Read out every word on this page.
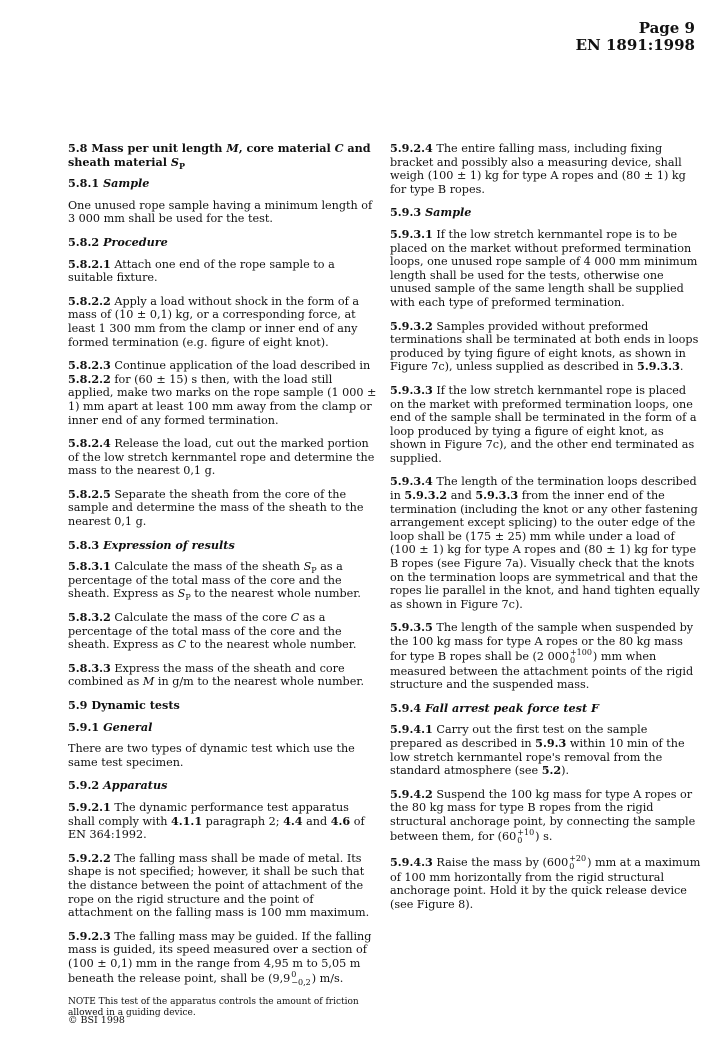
Page 9
EN 1891:1998
5.8 Mass per unit length M, core material C and sheath material $S_P$
5.8.1 Sample
One unused rope sample having a minimum length of 3 000 mm shall be used for the test.
5.8.2 Procedure
5.8.2.1 Attach one end of the rope sample to a suitable fixture.
5.8.2.2 Apply a load without shock in the form of a mass of (10 ± 0,1) kg, or a corresponding force, at least 1 300 mm from the clamp or inner end of any formed termination (e.g. figure of eight knot).
5.8.2.3 Continue application of the load described in 5.8.2.2 for (60 ± 15) s then, with the load still applied, make two marks on the rope sample (1 000 ± 1) mm apart at least 100 mm away from the clamp or inner end of any formed termination.
5.8.2.4 Release the load, cut out the marked portion of the low stretch kernmantel rope and determine the mass to the nearest 0,1 g.
5.8.2.5 Separate the sheath from the core of the sample and determine the mass of the sheath to the nearest 0,1 g.
5.8.3 Expression of results
5.8.3.1 Calculate the mass of the sheath $S_P$ as a percentage of the total mass of the core and the sheath. Express as $S_P$ to the nearest whole number.
5.8.3.2 Calculate the mass of the core C as a percentage of the total mass of the core and the sheath. Express as C to the nearest whole number.
5.8.3.3 Express the mass of the sheath and core combined as M in g/m to the nearest whole number.
5.9 Dynamic tests
5.9.1 General
There are two types of dynamic test which use the same test specimen.
5.9.2 Apparatus
5.9.2.1 The dynamic performance test apparatus shall comply with 4.1.1 paragraph 2; 4.4 and 4.6 of EN 364:1992.
5.9.2.2 The falling mass shall be made of metal. Its shape is not specified; however, it shall be such that the distance between the point of attachment of the rope on the rigid structure and the point of attachment on the falling mass is 100 mm maximum.
5.9.2.3 The falling mass may be guided. If the falling mass is guided, its speed measured over a section of (100 ± 0,1) mm in the range from 4,95 m to 5,05 m beneath the release point, shall be (9,9 0
−0,2 ) m/s.
NOTE This test of the apparatus controls the amount of friction allowed in a guiding device.
5.9.2.4 The entire falling mass, including fixing bracket and possibly also a measuring device, shall weigh (100 ± 1) kg for type A ropes and (80 ± 1) kg for type B ropes.
5.9.3 Sample
5.9.3.1 If the low stretch kernmantel rope is to be placed on the market without preformed termination loops, one unused rope sample of 4 000 mm minimum length shall be used for the tests, otherwise one unused sample of the same length shall be supplied with each type of preformed termination.
5.9.3.2 Samples provided without preformed terminations shall be terminated at both ends in loops produced by tying figure of eight knots, as shown in Figure 7c), unless supplied as described in 5.9.3.3.
5.9.3.3 If the low stretch kernmantel rope is placed on the market with preformed termination loops, one end of the sample shall be terminated in the form of a loop produced by tying a figure of eight knot, as shown in Figure 7c), and the other end terminated as supplied.
5.9.3.4 The length of the termination loops described in 5.9.3.2 and 5.9.3.3 from the inner end of the termination (including the knot or any other fastening arrangement except splicing) to the outer edge of the loop shall be (175 ± 25) mm while under a load of (100 ± 1) kg for type A ropes and (80 ± 1) kg for type B ropes (see Figure 7a). Visually check that the knots on the termination loops are symmetrical and that the ropes lie parallel in the knot, and hand tighten equally as shown in Figure 7c).
5.9.3.5 The length of the sample when suspended by the 100 kg mass for type A ropes or the 80 kg mass for type B ropes shall be (2 000 +100
0	) mm when measured between the attachment points of the rigid structure and the suspended mass.
5.9.4 Fall arrest peak force test F
5.9.4.1 Carry out the first test on the sample prepared as described in 5.9.3 within 10 min of the low stretch kernmantel rope's removal from the standard atmosphere (see 5.2).
5.9.4.2 Suspend the 100 kg mass for type A ropes or the 80 kg mass for type B ropes from the rigid structural anchorage point, by connecting the sample between them, for (60 +10
0	) s.
5.9.4.3 Raise the mass by (600 +20
0	) mm at a maximum of 100 mm horizontally from the rigid structural anchorage point. Hold it by the quick release device (see Figure 8).
© BSI 1998
